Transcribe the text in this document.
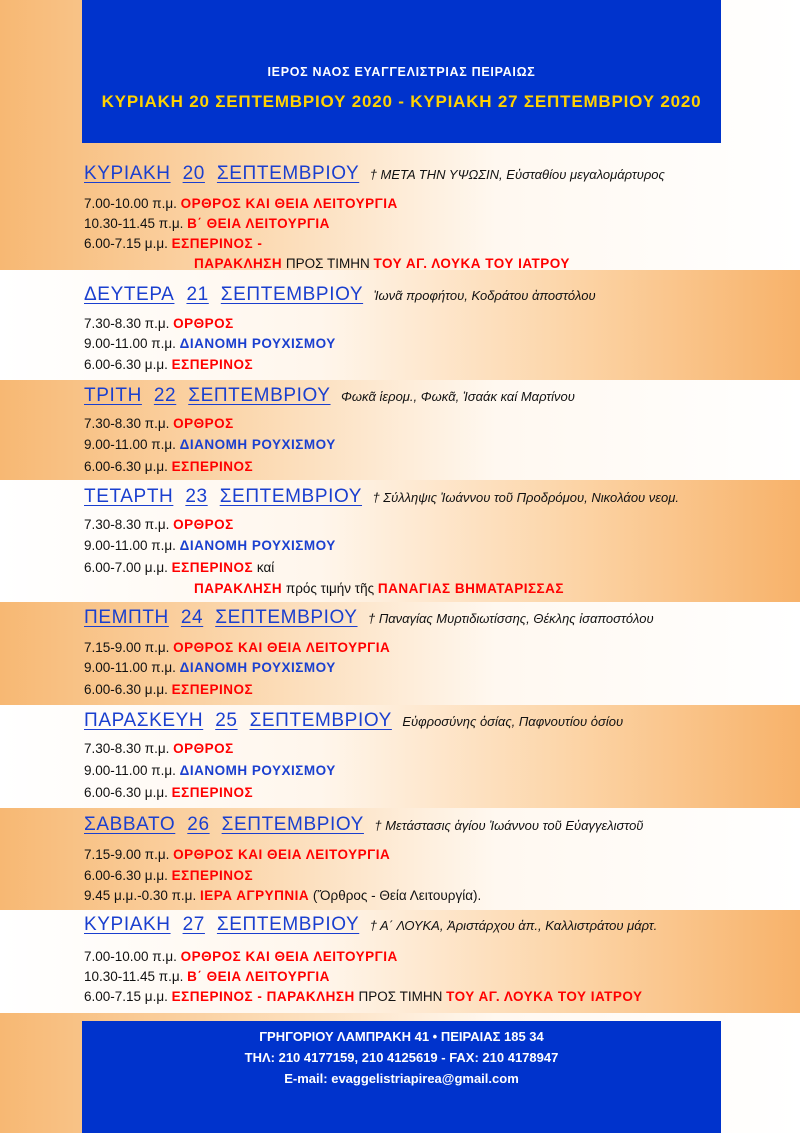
ΙΕΡΟΣ ΝΑΟΣ ΕΥΑΓΓΕΛΙΣΤΡΙΑΣ ΠΕΙΡΑΙΩΣ
ΚΥΡΙΑΚΗ 20 ΣΕΠΤΕΜΒΡΙΟΥ 2020 - ΚΥΡΙΑΚΗ 27 ΣΕΠΤΕΜΒΡΙΟΥ 2020
ΚΥΡΙΑΚΗ 20 ΣΕΠΤΕΜΒΡΙΟΥ † ΜΕΤΑ ΤΗΝ ΥΨΩΣΙΝ, Εὐσταθίου μεγαλομάρτυρος
7.00-10.00 π.μ. ΟΡΘΡΟΣ ΚΑΙ ΘΕΙΑ ΛΕΙΤΟΥΡΓΙΑ
10.30-11.45 π.μ. Β΄ ΘΕΙΑ ΛΕΙΤΟΥΡΓΙΑ
6.00-7.15 μ.μ. ΕΣΠΕΡΙΝΟΣ -
ΠΑΡΑΚΛΗΣΗ ΠΡΟΣ ΤΙΜΗΝ ΤΟΥ ΑΓ. ΛΟΥΚΑ ΤΟΥ ΙΑΤΡΟΥ
ΔΕΥΤΕΡΑ 21 ΣΕΠΤΕΜΒΡΙΟΥ Ἰωνᾶ προφήτου, Κοδράτου ἀποστόλου
7.30-8.30 π.μ. ΟΡΘΡΟΣ
9.00-11.00 π.μ. ΔΙΑΝΟΜΗ ΡΟΥΧΙΣΜΟΥ
6.00-6.30 μ.μ. ΕΣΠΕΡΙΝΟΣ
ΤΡΙΤΗ 22 ΣΕΠΤΕΜΒΡΙΟΥ Φωκᾶ ἱερομ., Φωκᾶ, Ἰσαάκ καί Μαρτίνου
7.30-8.30 π.μ. ΟΡΘΡΟΣ
9.00-11.00 π.μ. ΔΙΑΝΟΜΗ ΡΟΥΧΙΣΜΟΥ
6.00-6.30 μ.μ. ΕΣΠΕΡΙΝΟΣ
ΤΕΤΑΡΤΗ 23 ΣΕΠΤΕΜΒΡΙΟΥ † Σύλληψις Ἰωάννου τοῦ Προδρόμου, Νικολάου νεομ.
7.30-8.30 π.μ. ΟΡΘΡΟΣ
9.00-11.00 π.μ. ΔΙΑΝΟΜΗ ΡΟΥΧΙΣΜΟΥ
6.00-7.00 μ.μ. ΕΣΠΕΡΙΝΟΣ καί
ΠΑΡΑΚΛΗΣΗ πρός τιμήν τῆς ΠΑΝΑΓΙΑΣ ΒΗΜΑΤΑΡΙΣΣΑΣ
ΠΕΜΠΤΗ 24 ΣΕΠΤΕΜΒΡΙΟΥ † Παναγίας Μυρτιδιωτίσσης, Θέκλης ἰσαποστόλου
7.15-9.00 π.μ. ΟΡΘΡΟΣ ΚΑΙ ΘΕΙΑ ΛΕΙΤΟΥΡΓΙΑ
9.00-11.00 π.μ. ΔΙΑΝΟΜΗ ΡΟΥΧΙΣΜΟΥ
6.00-6.30 μ.μ. ΕΣΠΕΡΙΝΟΣ
ΠΑΡΑΣΚΕΥΗ 25 ΣΕΠΤΕΜΒΡΙΟΥ Εὐφροσύνης ὁσίας, Παφνουτίου ὁσίου
7.30-8.30 π.μ. ΟΡΘΡΟΣ
9.00-11.00 π.μ. ΔΙΑΝΟΜΗ ΡΟΥΧΙΣΜΟΥ
6.00-6.30 μ.μ. ΕΣΠΕΡΙΝΟΣ
ΣΑΒΒΑΤΟ 26 ΣΕΠΤΕΜΒΡΙΟΥ † Μετάστασις ἁγίου Ἰωάννου τοῦ Εὐαγγελιστοῦ
7.15-9.00 π.μ. ΟΡΘΡΟΣ ΚΑΙ ΘΕΙΑ ΛΕΙΤΟΥΡΓΙΑ
6.00-6.30 μ.μ. ΕΣΠΕΡΙΝΟΣ
9.45 μ.μ.-0.30 π.μ. ΙΕΡΑ ΑΓΡΥΠΝΙΑ (Ὄρθρος - Θεία Λειτουργία).
ΚΥΡΙΑΚΗ 27 ΣΕΠΤΕΜΒΡΙΟΥ † Α΄ ΛΟΥΚΑ, Ἀριστάρχου ἀπ., Καλλιστράτου μάρτ.
7.00-10.00 π.μ. ΟΡΘΡΟΣ ΚΑΙ ΘΕΙΑ ΛΕΙΤΟΥΡΓΙΑ
10.30-11.45 π.μ. Β΄ ΘΕΙΑ ΛΕΙΤΟΥΡΓΙΑ
6.00-7.15 μ.μ. ΕΣΠΕΡΙΝΟΣ - ΠΑΡΑΚΛΗΣΗ ΠΡΟΣ ΤΙΜΗΝ ΤΟΥ ΑΓ. ΛΟΥΚΑ ΤΟΥ ΙΑΤΡΟΥ
ΓΡΗΓΟΡΙΟΥ ΛΑΜΠΡΑΚΗ 41 • ΠΕΙΡΑΙΑΣ 185 34
ΤΗΛ: 210 4177159, 210 4125619 - FAX: 210 4178947
E-mail: evaggelistriapirea@gmail.com
